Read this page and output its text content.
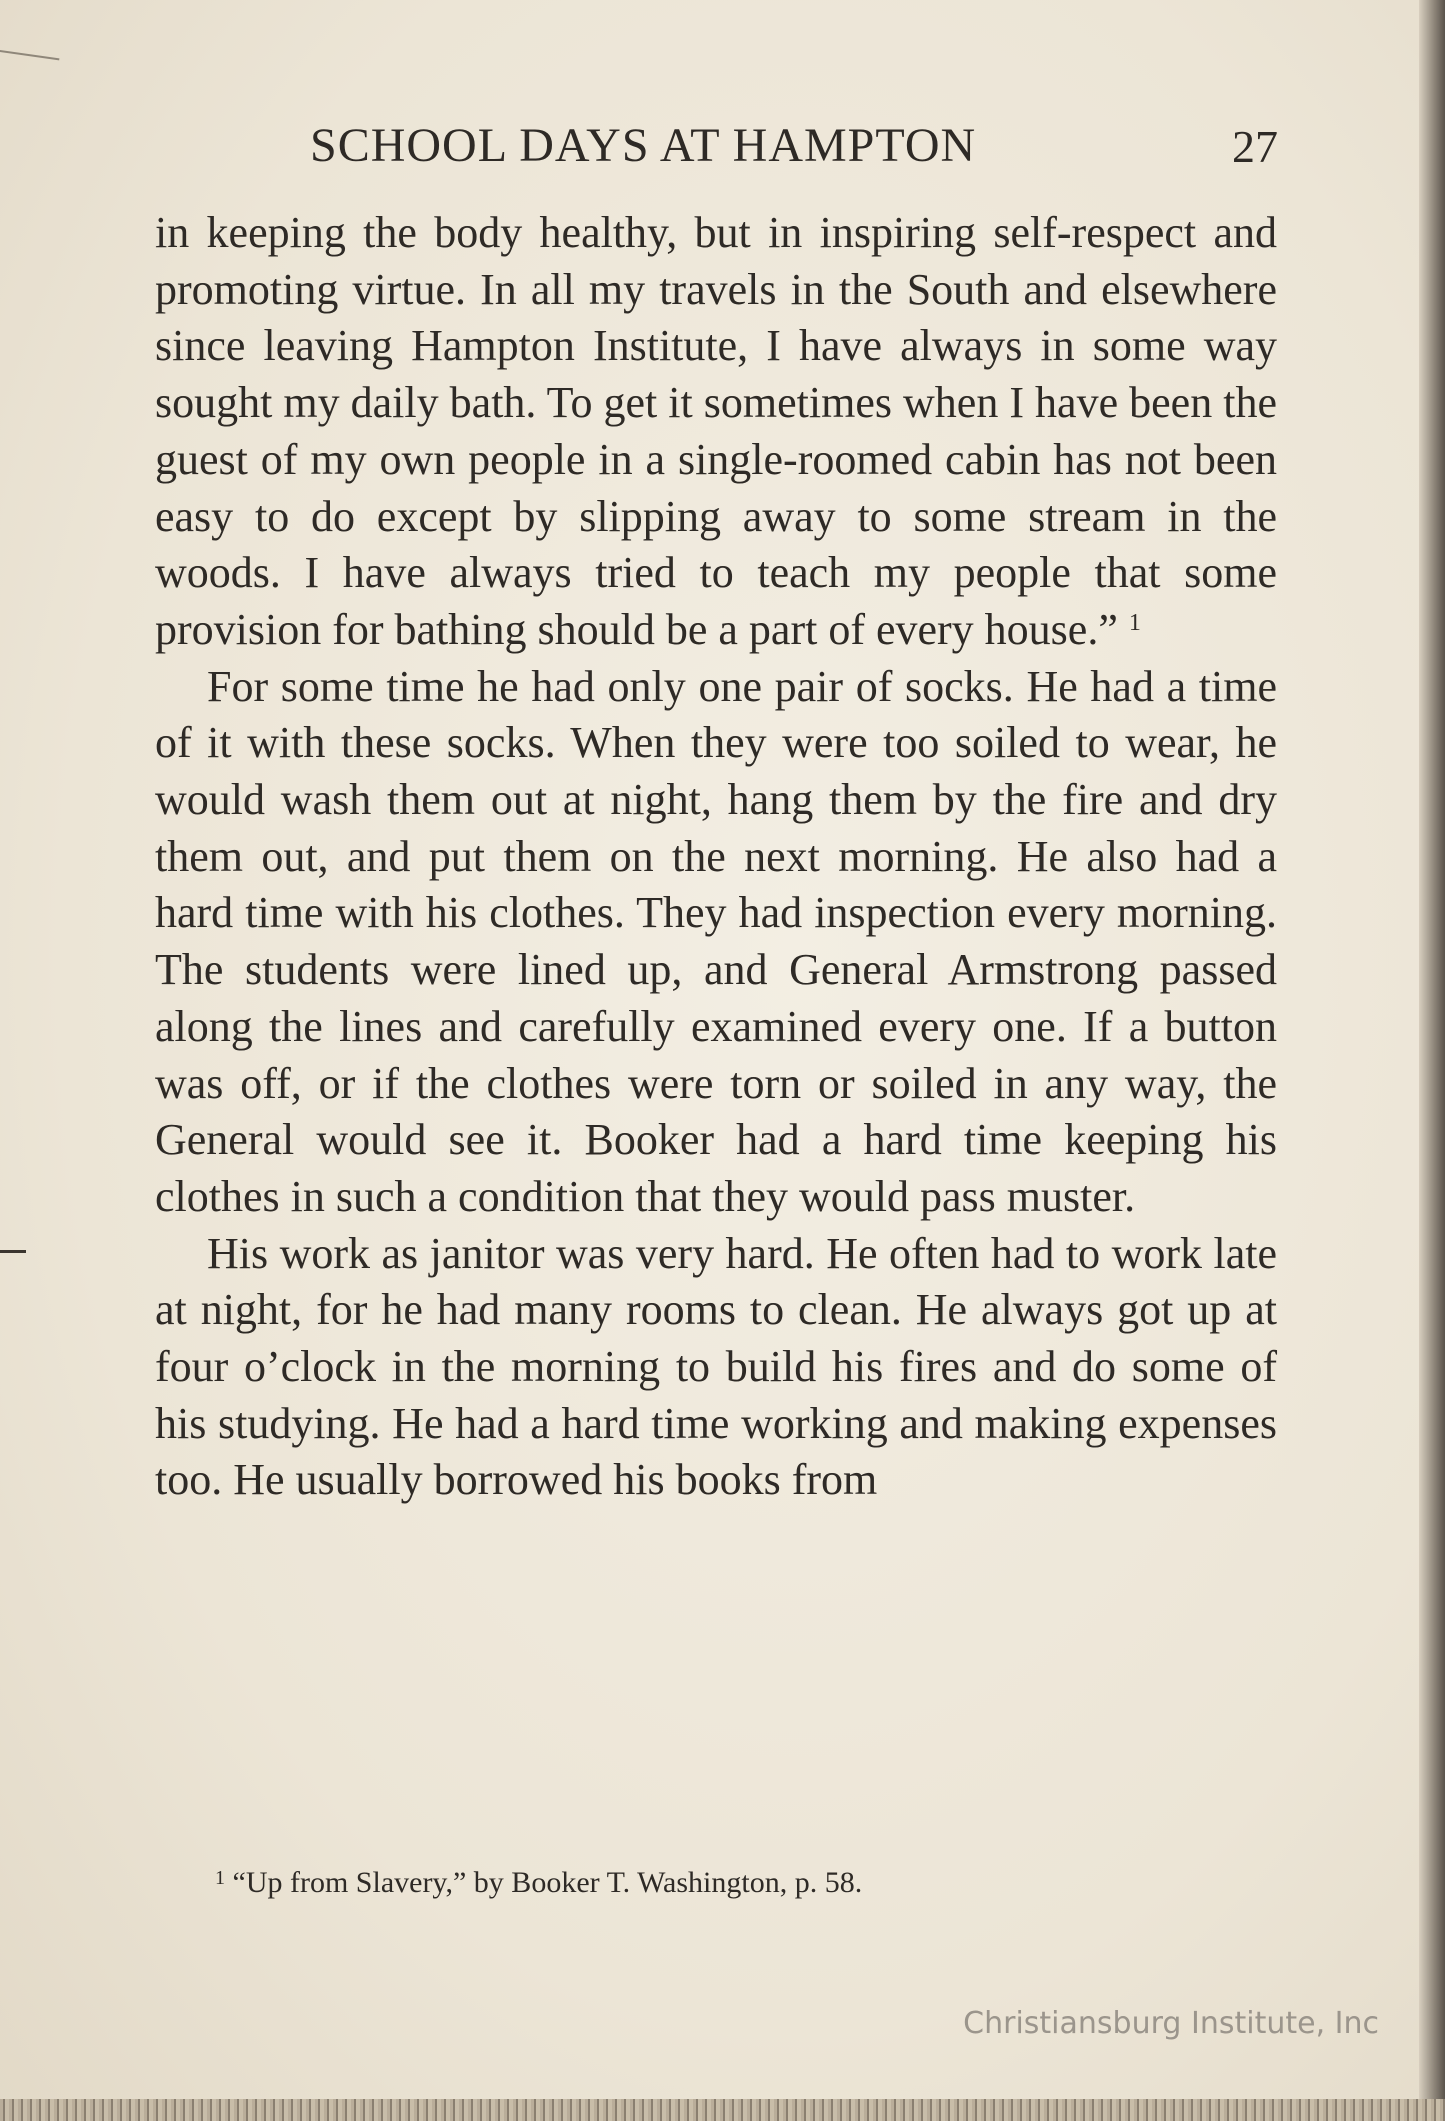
SCHOOL DAYS AT HAMPTON	27

in keeping the body healthy, but in inspiring self-respect and promoting virtue. In all my travels in the South and elsewhere since leaving Hampton Institute, I have always in some way sought my daily bath. To get it sometimes when I have been the guest of my own people in a single-roomed cabin has not been easy to do except by slipping away to some stream in the woods. I have always tried to teach my people that some provision for bathing should be a part of every house.” $^1$

For some time he had only one pair of socks. He had a time of it with these socks. When they were too soiled to wear, he would wash them out at night, hang them by the fire and dry them out, and put them on the next morning. He also had a hard time with his clothes. They had inspection every morning. The students were lined up, and General Armstrong passed along the lines and carefully examined every one. If a button was off, or if the clothes were torn or soiled in any way, the General would see it. Booker had a hard time keeping his clothes in such a condition that they would pass muster.

His work as janitor was very hard. He often had to work late at night, for he had many rooms to clean. He always got up at four o’clock in the morning to build his fires and do some of his studying. He had a hard time working and making expenses too. He usually borrowed his books from

$^1$ “Up from Slavery,” by Booker T. Washington, p. 58.
Christiansburg Institute, Inc
